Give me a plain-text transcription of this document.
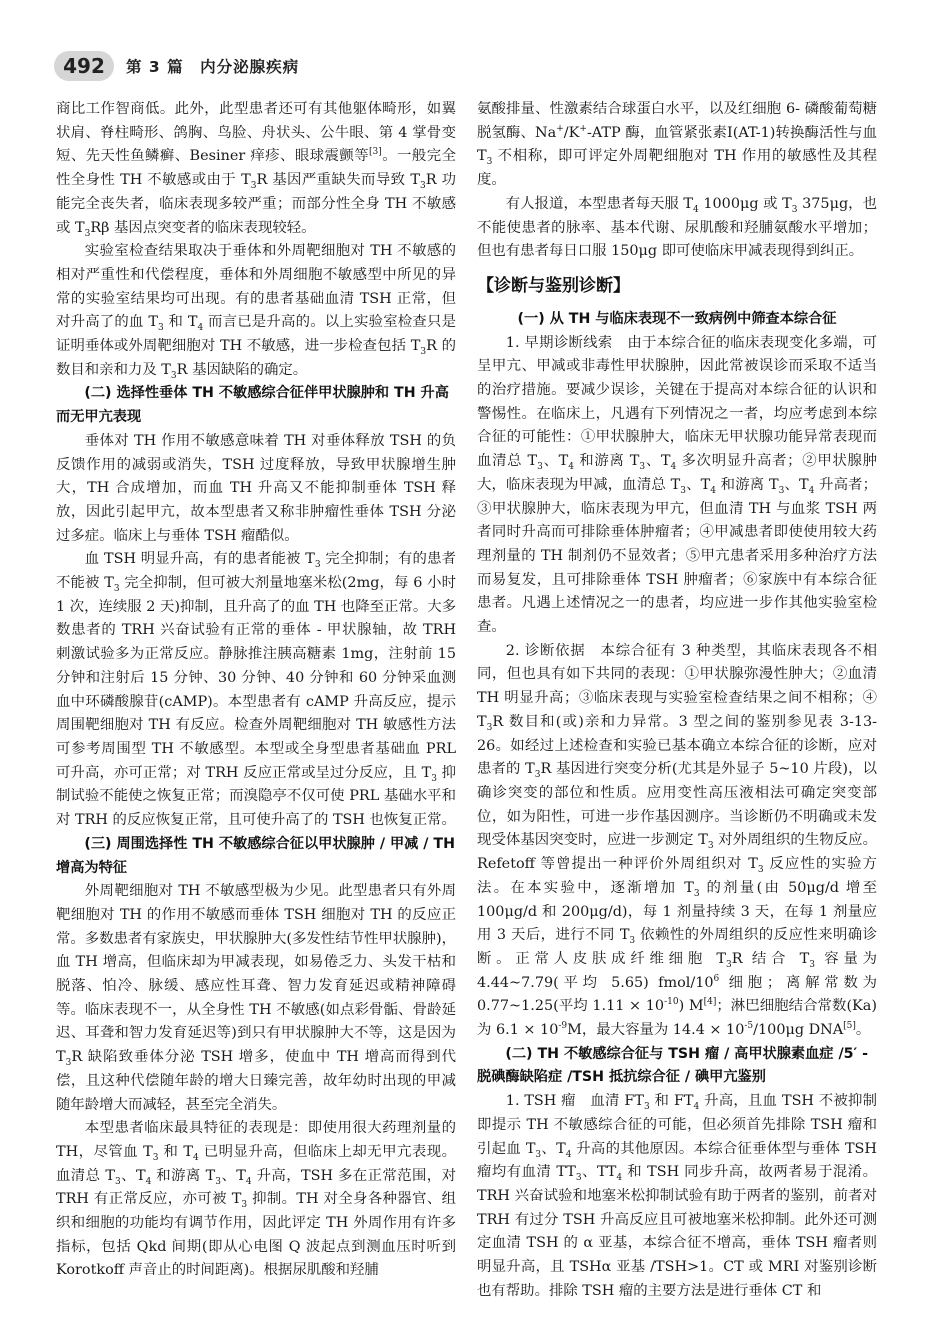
492	第 3 篇　内分泌腺疾病

商比工作智商低。此外，此型患者还可有其他躯体畸形，如翼状肩、脊柱畸形、鸽胸、鸟脸、舟状头、公牛眼、第 4 掌骨变短、先天性鱼鳞癣、Besiner 痒疹、眼球震颤等[3]。一般完全性全身性 TH 不敏感或由于 $T_3R$ 基因严重缺失而导致 $T_3R$ 功能完全丧失者，临床表现多较严重；而部分性全身 TH 不敏感或 $T_3R\beta$ 基因点突变者的临床表现较轻。

实验室检查结果取决于垂体和外周靶细胞对 TH 不敏感的相对严重性和代偿程度，垂体和外周细胞不敏感型中所见的异常的实验室结果均可出现。有的患者基础血清 TSH 正常，但对升高了的血 $T_3$ 和 $T_4$ 而言已是升高的。以上实验室检查只是证明垂体或外周靶细胞对 TH 不敏感，进一步检查包括 $T_3R$ 的数目和亲和力及 $T_3R$ 基因缺陷的确定。

(二) 选择性垂体 TH 不敏感综合征伴甲状腺肿和 TH 升高而无甲亢表现

垂体对 TH 作用不敏感意味着 TH 对垂体释放 TSH 的负反馈作用的减弱或消失，TSH 过度释放，导致甲状腺增生肿大，TH 合成增加，而血 TH 升高又不能抑制垂体 TSH 释放，因此引起甲亢，故本型患者又称非肿瘤性垂体 TSH 分泌过多症。临床上与垂体 TSH 瘤酷似。

血 TSH 明显升高，有的患者能被 $T_3$ 完全抑制；有的患者不能被 $T_3$ 完全抑制，但可被大剂量地塞米松(2mg，每 6 小时 1 次，连续服 2 天)抑制，且升高了的血 TH 也降至正常。大多数患者的 TRH 兴奋试验有正常的垂体 - 甲状腺轴，故 TRH 刺激试验多为正常反应。静脉推注胰高糖素 1mg，注射前 15 分钟和注射后 15 分钟、30 分钟、40 分钟和 60 分钟采血测血中环磷酸腺苷(cAMP)。本型患者有 cAMP 升高反应，提示周围靶细胞对 TH 有反应。检查外周靶细胞对 TH 敏感性方法可参考周围型 TH 不敏感型。本型或全身型患者基础血 PRL 可升高，亦可正常；对 TRH 反应正常或呈过分反应，且 $T_3$ 抑制试验不能使之恢复正常；而溴隐亭不仅可使 PRL 基础水平和对 TRH 的反应恢复正常，且可使升高了的 TSH 也恢复正常。

(三) 周围选择性 TH 不敏感综合征以甲状腺肿 / 甲减 / TH 增高为特征

外周靶细胞对 TH 不敏感型极为少见。此型患者只有外周靶细胞对 TH 的作用不敏感而垂体 TSH 细胞对 TH 的反应正常。多数患者有家族史，甲状腺肿大(多发性结节性甲状腺肿)，血 TH 增高，但临床却为甲减表现，如易倦乏力、头发干枯和脱落、怕冷、脉缓、感应性耳聋、智力发育延迟或精神障碍等。临床表现不一，从全身性 TH 不敏感(如点彩骨骺、骨龄延迟、耳聋和智力发育延迟等)到只有甲状腺肿大不等，这是因为 $T_3R$ 缺陷致垂体分泌 TSH 增多，使血中 TH 增高而得到代偿，且这种代偿随年龄的增大日臻完善，故年幼时出现的甲减随年龄增大而减轻，甚至完全消失。

本型患者临床最具特征的表现是：即使用很大药理剂量的 TH，尽管血 $T_3$ 和 $T_4$ 已明显升高，但临床上却无甲亢表现。血清总 $T_3$、$T_4$ 和游离 $T_3$、$T_4$ 升高，TSH 多在正常范围，对 TRH 有正常反应，亦可被 $T_3$ 抑制。TH 对全身各种器官、组织和细胞的功能均有调节作用，因此评定 TH 外周作用有许多指标，包括 Qkd 间期(即从心电图 Q 波起点到测血压时听到 Korotkoff 声音止的时间距离)。根据尿肌酸和羟脯

氨酸排量、性激素结合球蛋白水平，以及红细胞 6- 磷酸葡萄糖脱氢酶、Na+/K+-ATP 酶，血管紧张素Ⅰ(AT-1)转换酶活性与血 $T_3$ 不相称，即可评定外周靶细胞对 TH 作用的敏感性及其程度。

有人报道，本型患者每天服 $T_4$ 1000μg 或 $T_3$ 375μg，也不能使患者的脉率、基本代谢、尿肌酸和羟脯氨酸水平增加；但也有患者每日口服 150μg 即可使临床甲减表现得到纠正。

【诊断与鉴别诊断】
(一) 从 TH 与临床表现不一致病例中筛查本综合征

1. 早期诊断线索　由于本综合征的临床表现变化多端，可呈甲亢、甲减或非毒性甲状腺肿，因此常被误诊而采取不适当的治疗措施。要减少误诊，关键在于提高对本综合征的认识和警惕性。在临床上，凡遇有下列情况之一者，均应考虑到本综合征的可能性：①甲状腺肿大，临床无甲状腺功能异常表现而血清总 $T_3$、$T_4$ 和游离 $T_3$、$T_4$ 多次明显升高者；②甲状腺肿大，临床表现为甲减，血清总 $T_3$、$T_4$ 和游离 $T_3$、$T_4$ 升高者；③甲状腺肿大，临床表现为甲亢，但血清 TH 与血浆 TSH 两者同时升高而可排除垂体肿瘤者；④甲减患者即使使用较大药理剂量的 TH 制剂仍不显效者；⑤甲亢患者采用多种治疗方法而易复发，且可排除垂体 TSH 肿瘤者；⑥家族中有本综合征患者。凡遇上述情况之一的患者，均应进一步作其他实验室检查。

2. 诊断依据　本综合征有 3 种类型，其临床表现各不相同，但也具有如下共同的表现：①甲状腺弥漫性肿大；②血清 TH 明显升高；③临床表现与实验室检查结果之间不相称；④ $T_3R$ 数目和(或)亲和力异常。3 型之间的鉴别参见表 3-13-26。如经过上述检查和实验已基本确立本综合征的诊断，应对患者的 $T_3R$ 基因进行突变分析(尤其是外显子 5~10 片段)，以确诊突变的部位和性质。应用变性高压液相法可确定突变部位，如为阳性，可进一步作基因测序。当诊断仍不明确或未发现受体基因突变时，应进一步测定 $T_3$ 对外周组织的生物反应。Refetoff 等曾提出一种评价外周组织对 $T_3$ 反应性的实验方法。在本实验中，逐渐增加 $T_3$ 的剂量(由 50μg/d 增至 100μg/d 和 200μg/d)，每 1 剂量持续 3 天，在每 1 剂量应用 3 天后，进行不同 $T_3$ 依赖性的外周组织的反应性来明确诊断。正常人皮肤成纤维细胞 $T_3R$ 结合 $T_3$ 容量为 4.44~7.79(平均 5.65) fmol/$10^6$ 细胞；离解常数为 0.77~1.25(平均 $1.11 \times 10^{-10}$) M[4]；淋巴细胞结合常数(Ka)为 $6.1 \times 10^{-9}M$，最大容量为 $14.4 \times 10^{-5}/100\mu g$ DNA[5]。

(二) TH 不敏感综合征与 TSH 瘤 / 高甲状腺素血症 /5′ - 脱碘酶缺陷症 /TSH 抵抗综合征 / 碘甲亢鉴别

1. TSH 瘤　血清 $FT_3$ 和 $FT_4$ 升高，且血 TSH 不被抑制即提示 TH 不敏感综合征的可能，但必须首先排除 TSH 瘤和引起血 $T_3$、$T_4$ 升高的其他原因。本综合征垂体型与垂体 TSH 瘤均有血清 $TT_3$、$TT_4$ 和 TSH 同步升高，故两者易于混淆。TRH 兴奋试验和地塞米松抑制试验有助于两者的鉴别，前者对 TRH 有过分 TSH 升高反应且可被地塞米松抑制。此外还可测定血清 TSH 的 α 亚基，本综合征不增高，垂体 TSH 瘤者则明显升高，且 TSHα 亚基 /TSH>1。CT 或 MRI 对鉴别诊断也有帮助。排除 TSH 瘤的主要方法是进行垂体 CT 和
